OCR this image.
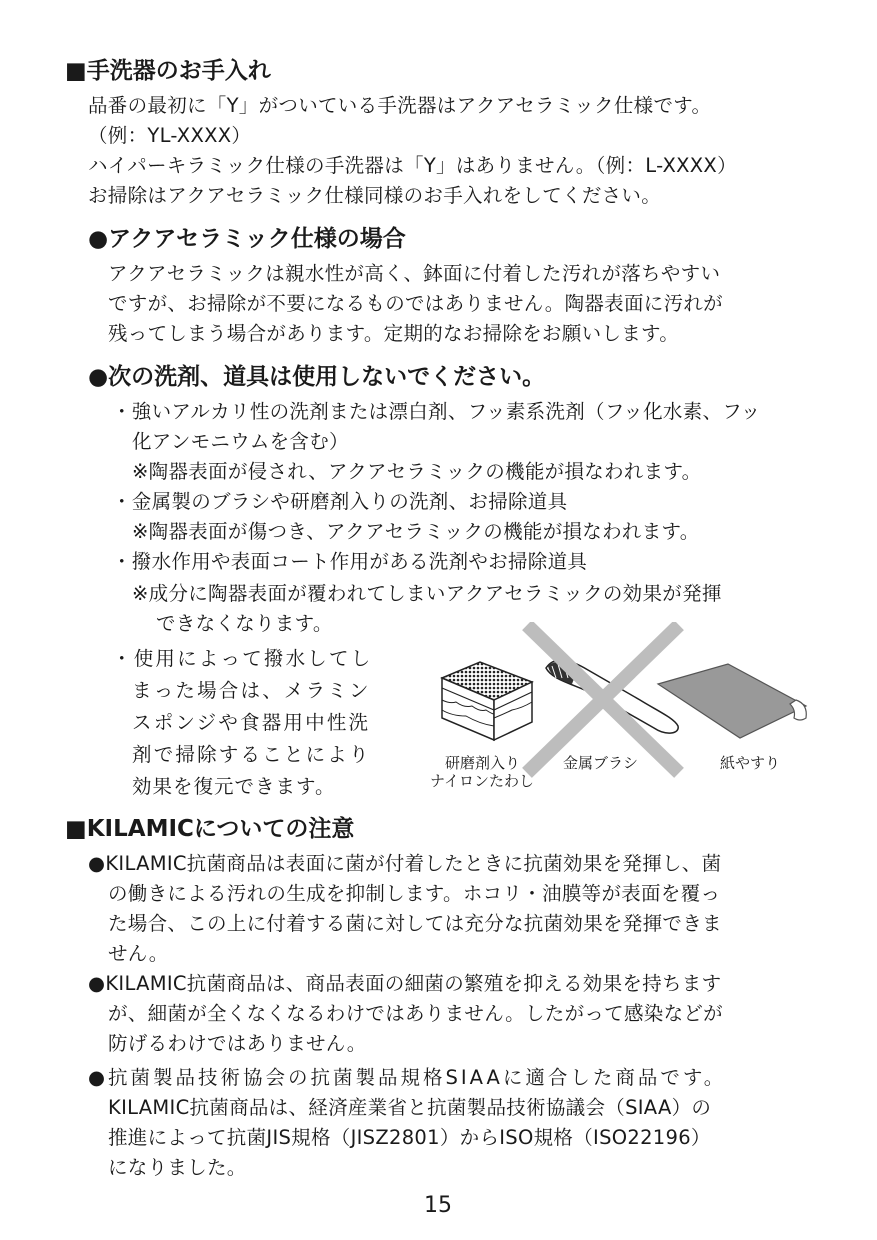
■手洗器のお手入れ
品番の最初に「Y」がついている手洗器はアクアセラミック仕様です。
（例：YL-XXXX）
ハイパーキラミック仕様の手洗器は「Y」はありません。（例：L-XXXX）
お掃除はアクアセラミック仕様同様のお手入れをしてください。
●アクアセラミック仕様の場合
アクアセラミックは親水性が高く、鉢面に付着した汚れが落ちやすい
ですが、お掃除が不要になるものではありません。陶器表面に汚れが
残ってしまう場合があります。定期的なお掃除をお願いします。
●次の洗剤、道具は使用しないでください。
・強いアルカリ性の洗剤または漂白剤、フッ素系洗剤（フッ化水素、フッ
化アンモニウムを含む）
※陶器表面が侵され、アクアセラミックの機能が損なわれます。
・金属製のブラシや研磨剤入りの洗剤、お掃除道具
※陶器表面が傷つき、アクアセラミックの機能が損なわれます。
・撥水作用や表面コート作用がある洗剤やお掃除道具
※成分に陶器表面が覆われてしまいアクアセラミックの効果が発揮
できなくなります。
・使用によって撥水してし
まった場合は、メラミン
スポンジや食器用中性洗
剤で掃除することにより
効果を復元できます。
研磨剤入り
ナイロンたわし
金属ブラシ	紙やすり
■KILAMICについての注意
●KILAMIC抗菌商品は表面に菌が付着したときに抗菌効果を発揮し、菌
の働きによる汚れの生成を抑制します。ホコリ・油膜等が表面を覆っ
た場合、この上に付着する菌に対しては充分な抗菌効果を発揮できま
せん。
●KILAMIC抗菌商品は、商品表面の細菌の繁殖を抑える効果を持ちます
が、細菌が全くなくなるわけではありません。したがって感染などが
防げるわけではありません。
●抗菌製品技術協会の抗菌製品規格SIAAに適合した商品です。
KILAMIC抗菌商品は、経済産業省と抗菌製品技術協議会（SIAA）の
推進によって抗菌JIS規格（JISZ2801）からISO規格（ISO22196）
になりました。
15
